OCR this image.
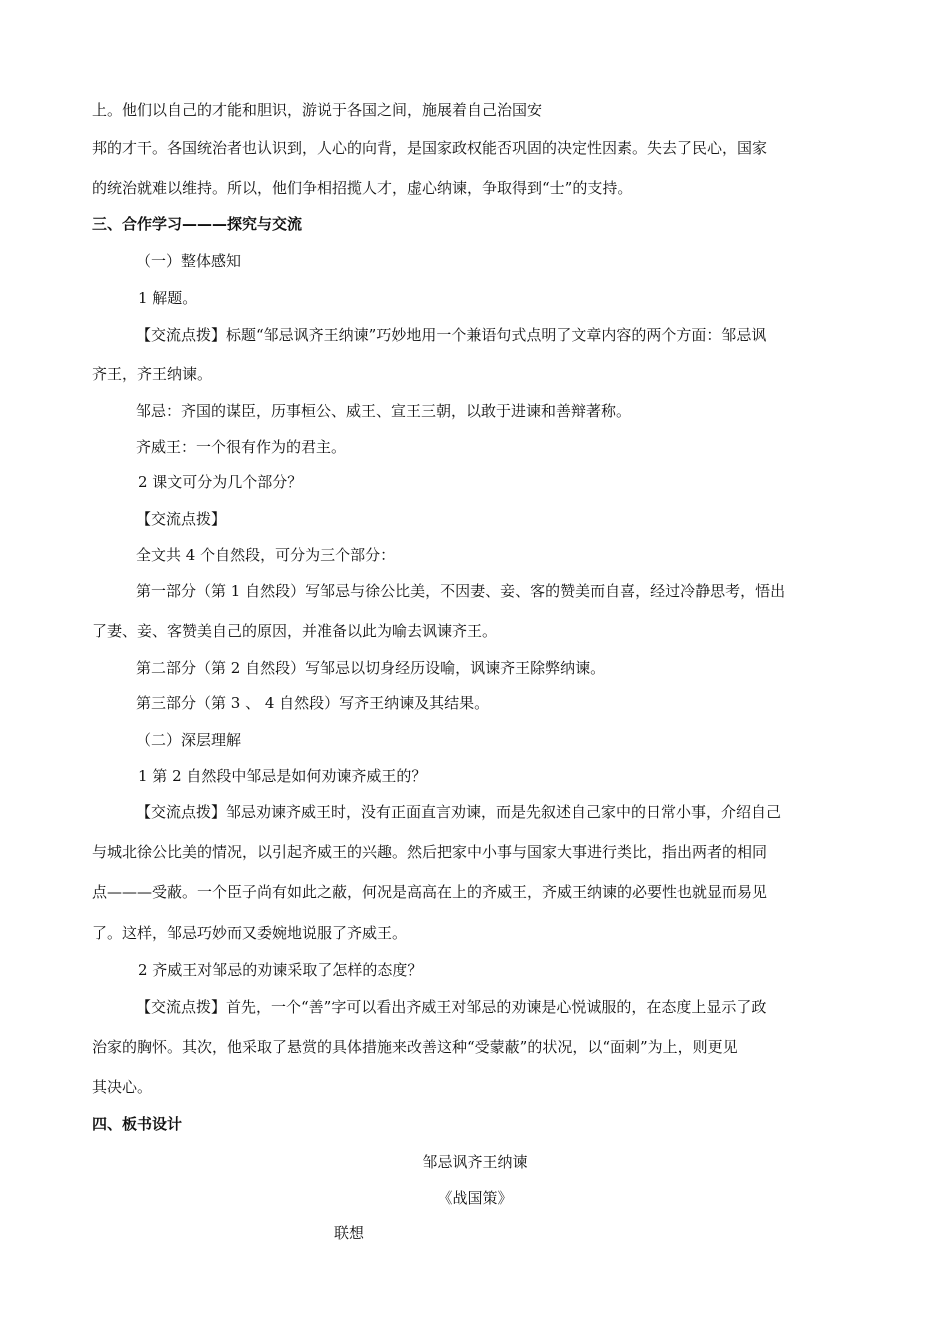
上。他们以自己的才能和胆识，游说于各国之间，施展着自己治国安
邦的才干。各国统治者也认识到，人心的向背，是国家政权能否巩固的决定性因素。失去了民心，国家
的统治就难以维持。所以，他们争相招揽人才，虚心纳谏，争取得到“士”的支持。
三、合作学习———探究与交流
（一）整体感知
1 解题。
【交流点拨】标题“邹忌讽齐王纳谏”巧妙地用一个兼语句式点明了文章内容的两个方面：邹忌讽
齐王，齐王纳谏。
邹忌：齐国的谋臣，历事桓公、威王、宣王三朝，以敢于进谏和善辩著称。
齐威王：一个很有作为的君主。
2 课文可分为几个部分？
【交流点拨】
全文共 4 个自然段，可分为三个部分：
第一部分（第 1 自然段）写邹忌与徐公比美，不因妻、妾、客的赞美而自喜，经过冷静思考，悟出
了妻、妾、客赞美自己的原因，并准备以此为喻去讽谏齐王。
第二部分（第 2 自然段）写邹忌以切身经历设喻，讽谏齐王除弊纳谏。
第三部分（第 3 、 4 自然段）写齐王纳谏及其结果。
（二）深层理解
1 第 2 自然段中邹忌是如何劝谏齐威王的？
【交流点拨】邹忌劝谏齐威王时，没有正面直言劝谏，而是先叙述自己家中的日常小事，介绍自己
与城北徐公比美的情况，以引起齐威王的兴趣。然后把家中小事与国家大事进行类比，指出两者的相同
点———受蔽。一个臣子尚有如此之蔽，何况是高高在上的齐威王，齐威王纳谏的必要性也就显而易见
了。这样，邹忌巧妙而又委婉地说服了齐威王。
2 齐威王对邹忌的劝谏采取了怎样的态度？
【交流点拨】首先，一个“善”字可以看出齐威王对邹忌的劝谏是心悦诚服的，在态度上显示了政
治家的胸怀。其次，他采取了悬赏的具体措施来改善这种“受蒙蔽”的状况，以“面刺”为上，则更见
其决心。
四、板书设计
邹忌讽齐王纳谏
《战国策》
联想
